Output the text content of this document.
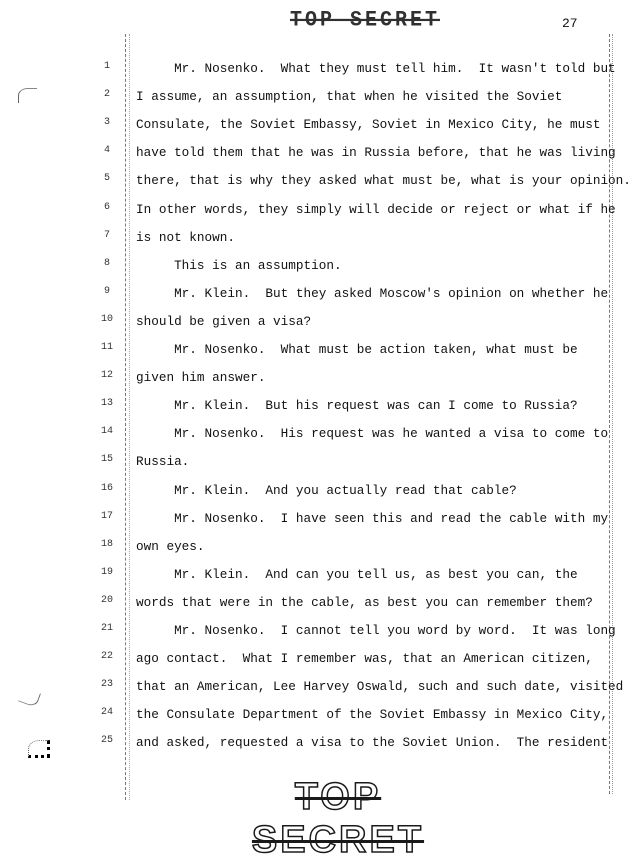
TOP SECRET	27
1	Mr. Nosenko.  What they must tell him.  It wasn't told but
2	I assume, an assumption, that when he visited the Soviet
3	Consulate, the Soviet Embassy, Soviet in Mexico City, he must
4	have told them that he was in Russia before, that he was living
5	there, that is why they asked what must be, what is your opinion.
6	In other words, they simply will decide or reject or what if he
7	is not known.
8	This is an assumption.
9	Mr. Klein.  But they asked Moscow's opinion on whether he
10	should be given a visa?
11	Mr. Nosenko.  What must be action taken, what must be
12	given him answer.
13	Mr. Klein.  But his request was can I come to Russia?
14	Mr. Nosenko.  His request was he wanted a visa to come to
15	Russia.
16	Mr. Klein.  And you actually read that cable?
17	Mr. Nosenko.  I have seen this and read the cable with my
18	own eyes.
19	Mr. Klein.  And can you tell us, as best you can, the
20	words that were in the cable, as best you can remember them?
21	Mr. Nosenko.  I cannot tell you word by word.  It was long
22	ago contact.  What I remember was, that an American citizen,
23	that an American, Lee Harvey Oswald, such and such date, visited
24	the Consulate Department of the Soviet Embassy in Mexico City,
25	and asked, requested a visa to the Soviet Union.  The resident
TOP SECRET
